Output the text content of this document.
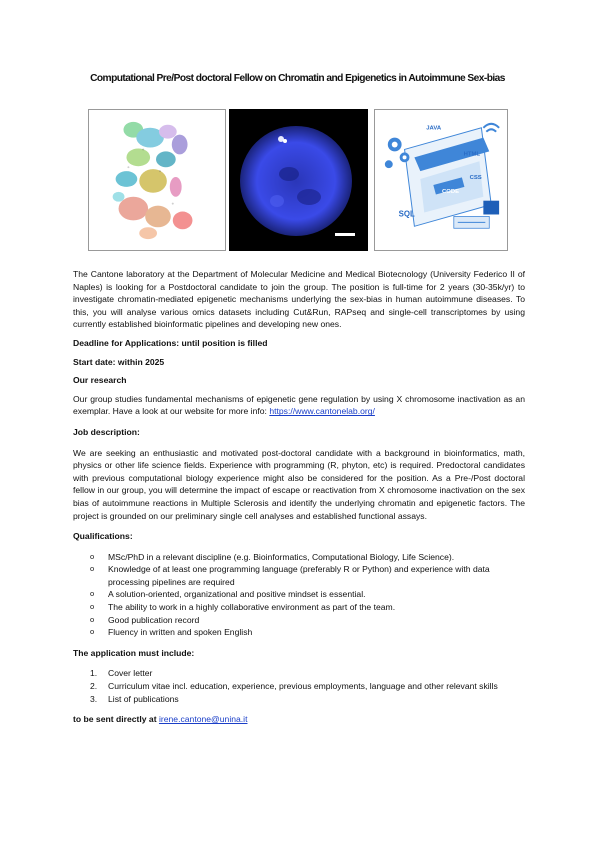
Computational Pre/Post doctoral Fellow on Chromatin and Epigenetics in Autoimmune Sex-bias
JAVA
HTML
CODE
SQL
CSS

The Cantone laboratory at the Department of Molecular Medicine and Medical Biotecnology (University Federico II of Naples) is looking for a Postdoctoral candidate to join the group. The position is full-time for 2 years (30-35k/yr) to investigate chromatin-mediated epigenetic mechanisms underlying the sex-bias in human autoimmune diseases. To this, you will analyse various omics datasets including Cut&Run, RAPseq and single-cell transcriptomes by using currently established bioinformatic pipelines and developing new ones.

Deadline for Applications: until position is filled

Start date: within 2025

Our research

Our group studies fundamental mechanisms of epigenetic gene regulation by using X chromosome inactivation as an exemplar. Have a look at our website for more info: https://www.cantonelab.org/

Job description:

We are seeking an enthusiastic and motivated post-doctoral candidate with a background in bioinformatics, math, physics or other life science fields. Experience with programming (R, phyton, etc) is required. Predoctoral candidates with previous computational biology experience might also be considered for the position. As a Pre-/Post doctoral fellow in our group, you will determine the impact of escape or reactivation from X chromosome inactivation on the sex bias of autoimmune reactions in Multiple Sclerosis and identify the underlying chromatin and epigenetic factors. The project is grounded on our preliminary single cell analyses and established functional assays.

Qualifications:

o MSc/PhD in a relevant discipline (e.g. Bioinformatics, Computational Biology, Life Science).
o Knowledge of at least one programming language (preferably R or Python) and experience with data processing pipelines are required
o A solution-oriented, organizational and positive mindset is essential.
o The ability to work in a highly collaborative environment as part of the team.
o Good publication record
o Fluency in written and spoken English

The application must include:

1. Cover letter
2. Curriculum vitae incl. education, experience, previous employments, language and other relevant skills
3. List of publications

to be sent directly at irene.cantone@unina.it
